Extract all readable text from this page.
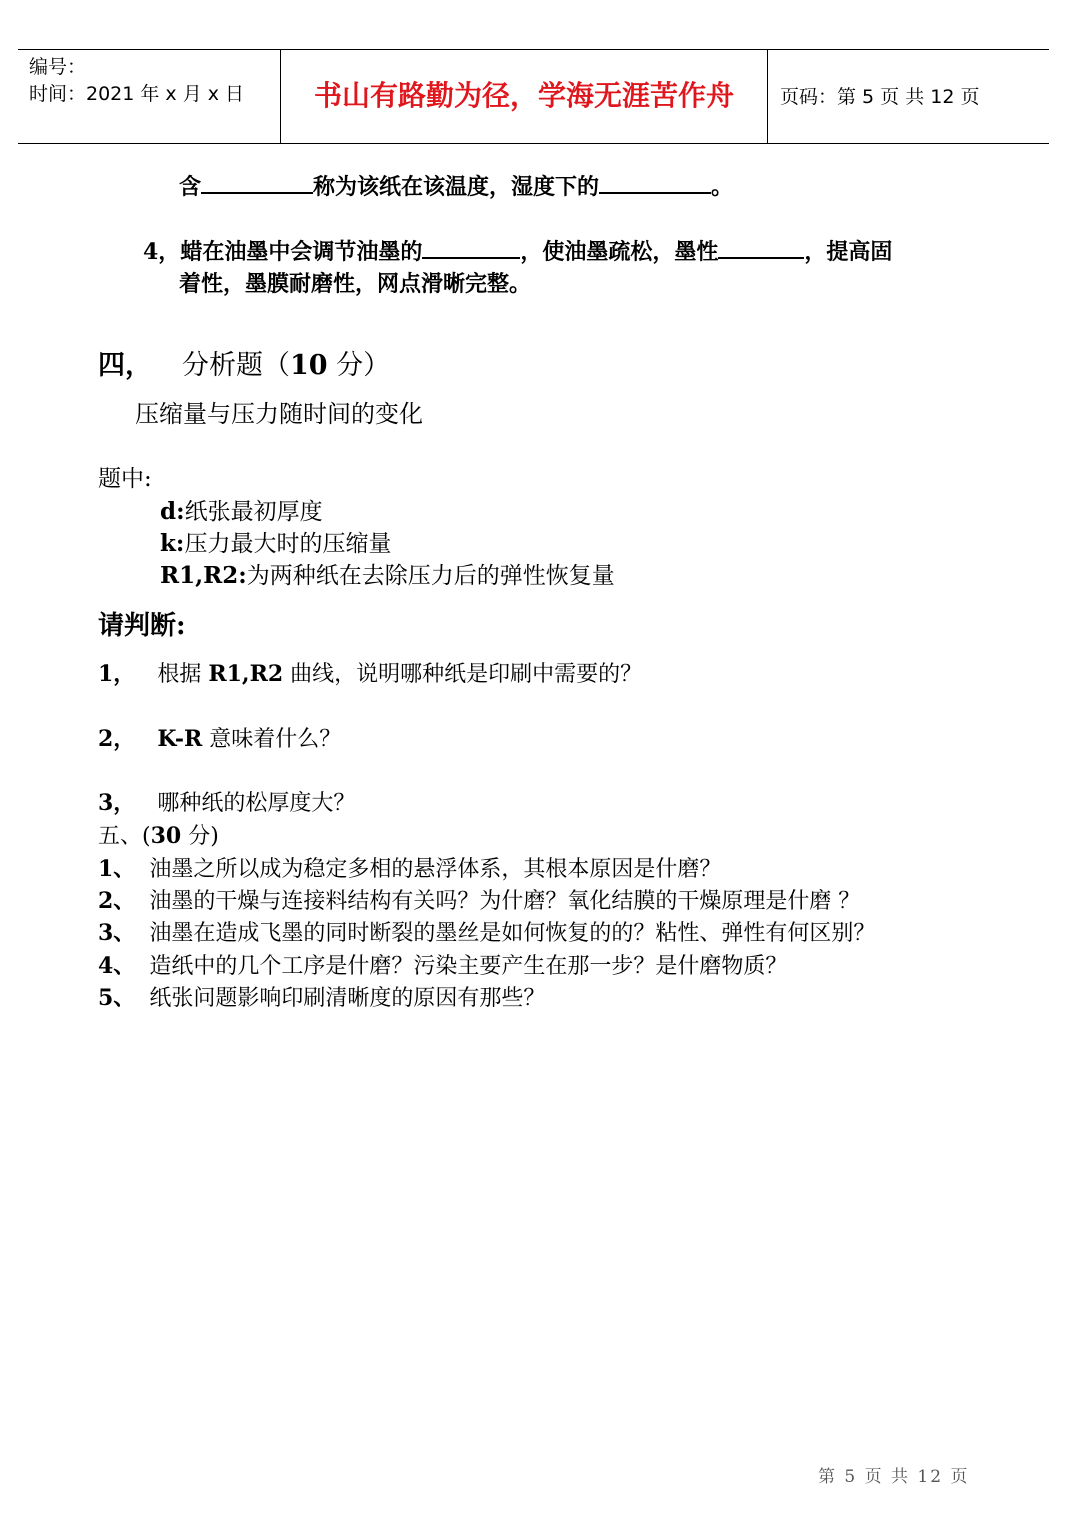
编号：
时间：2021 年 x 月 x 日	书山有路勤为径，学海无涯苦作舟	页码：第 5 页 共 12 页
含	称为该纸在该温度，湿度下的	。
4，蜡在油墨中会调节油墨的	，使油墨疏松，墨性	，提高固
着性，墨膜耐磨性，网点滑晰完整。
四， 分析题（10 分）
压缩量与压力随时间的变化
题中:
d:纸张最初厚度
k:压力最大时的压缩量
R1,R2:为两种纸在去除压力后的弹性恢复量
请判断:
1， 根据 R1,R2 曲线，说明哪种纸是印刷中需要的？
2， K-R 意味着什么？
3， 哪种纸的松厚度大？
五、(30 分)
1、 油墨之所以成为稳定多相的悬浮体系，其根本原因是什磨？
2、 油墨的干燥与连接料结构有关吗？为什磨？氧化结膜的干燥原理是什磨 ？
3、 油墨在造成飞墨的同时断裂的墨丝是如何恢复的的？粘性、弹性有何区别？
4、 造纸中的几个工序是什磨？污染主要产生在那一步？是什磨物质？
5、 纸张问题影响印刷清晰度的原因有那些？
第 5 页 共 12 页
